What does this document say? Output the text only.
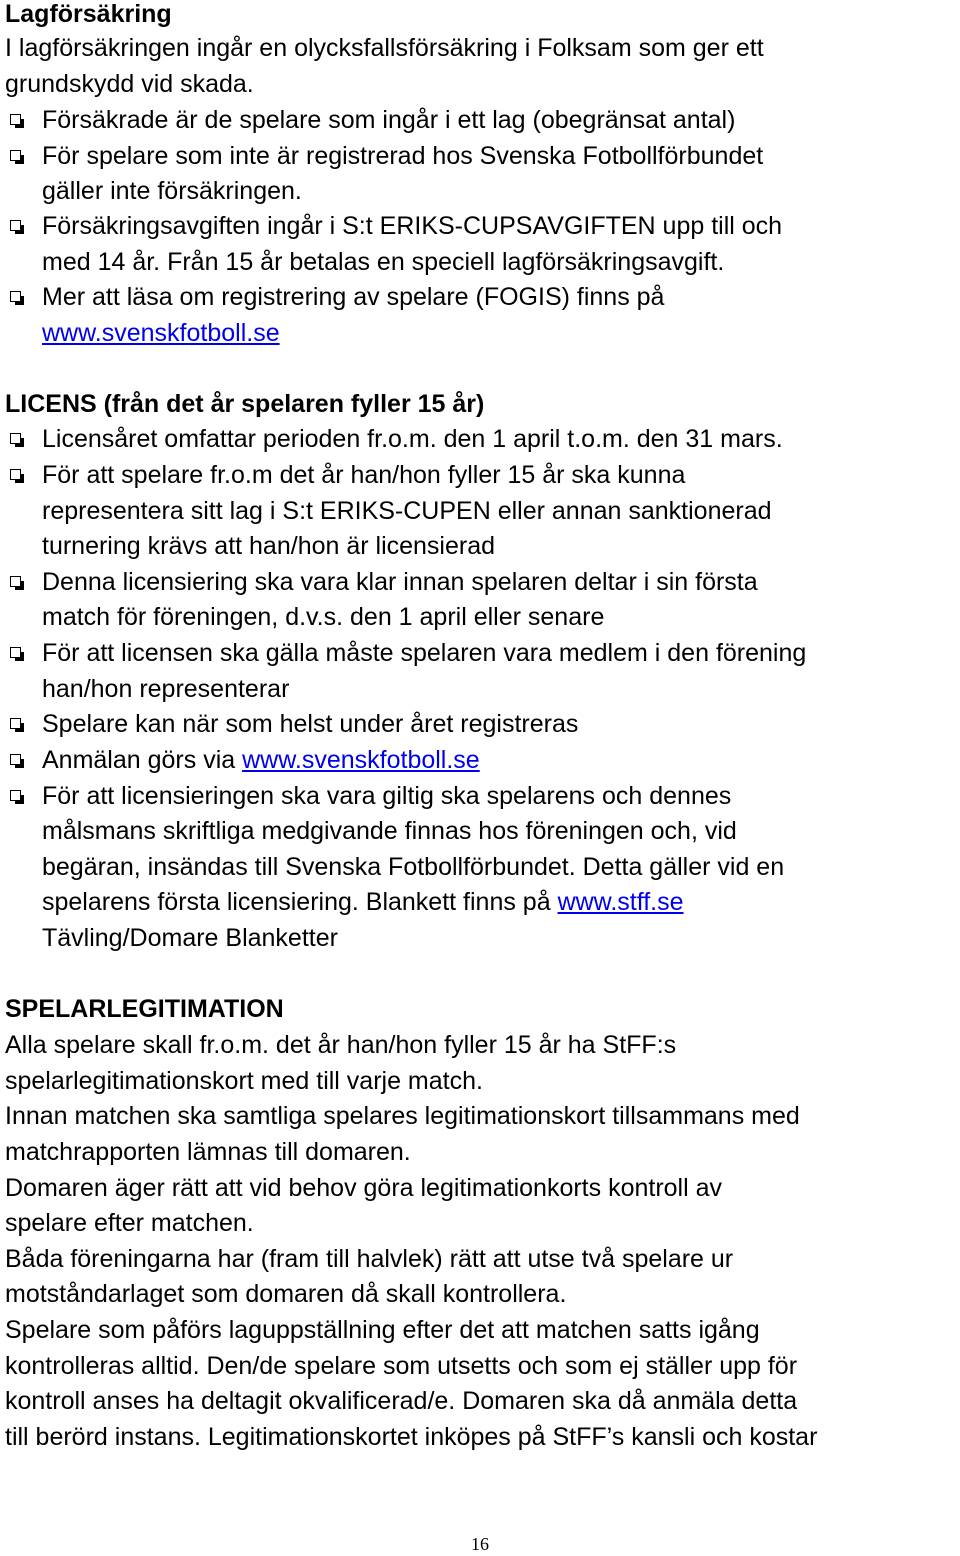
Lagförsäkring
I lagförsäkringen ingår en olycksfallsförsäkring i Folksam som ger ett
grundskydd vid skada.
Försäkrade är de spelare som ingår i ett lag (obegränsat antal)
För spelare som inte är registrerad hos Svenska Fotbollförbundet
gäller inte försäkringen.
Försäkringsavgiften ingår i S:t ERIKS-CUPSAVGIFTEN upp till och
med 14 år. Från 15 år betalas en speciell lagförsäkringsavgift.
Mer att läsa om registrering av spelare (FOGIS) finns på
www.svenskfotboll.se
LICENS (från det år spelaren fyller 15 år)
Licensåret omfattar perioden fr.o.m. den 1 april t.o.m. den 31 mars.
För att spelare fr.o.m det år han/hon fyller 15 år ska kunna
representera sitt lag i S:t ERIKS-CUPEN eller annan sanktionerad
turnering krävs att han/hon är licensierad
Denna licensiering ska vara klar innan spelaren deltar i sin första
match för föreningen, d.v.s. den 1 april eller senare
För att licensen ska gälla måste spelaren vara medlem i den förening
han/hon representerar
Spelare kan när som helst under året registreras
Anmälan görs via www.svenskfotboll.se
För att licensieringen ska vara giltig ska spelarens och dennes
målsmans skriftliga medgivande finnas hos föreningen och, vid
begäran, insändas till Svenska Fotbollförbundet. Detta gäller vid en
spelarens första licensiering. Blankett finns på www.stff.se
Tävling/Domare Blanketter
SPELARLEGITIMATION
Alla spelare skall fr.o.m. det år han/hon fyller 15 år ha StFF:s
spelarlegitimationskort med till varje match.
Innan matchen ska samtliga spelares legitimationskort tillsammans med
matchrapporten lämnas till domaren.
Domaren äger rätt att vid behov göra legitimationkorts kontroll av
spelare efter matchen.
Båda föreningarna har (fram till halvlek) rätt att utse två spelare ur
motståndarlaget som domaren då skall kontrollera.
Spelare som påförs laguppställning efter det att matchen satts igång
kontrolleras alltid. Den/de spelare som utsetts och som ej ställer upp för
kontroll anses ha deltagit okvalificerad/e. Domaren ska då anmäla detta
till berörd instans. Legitimationskortet inköpes på StFF’s kansli och kostar
16
